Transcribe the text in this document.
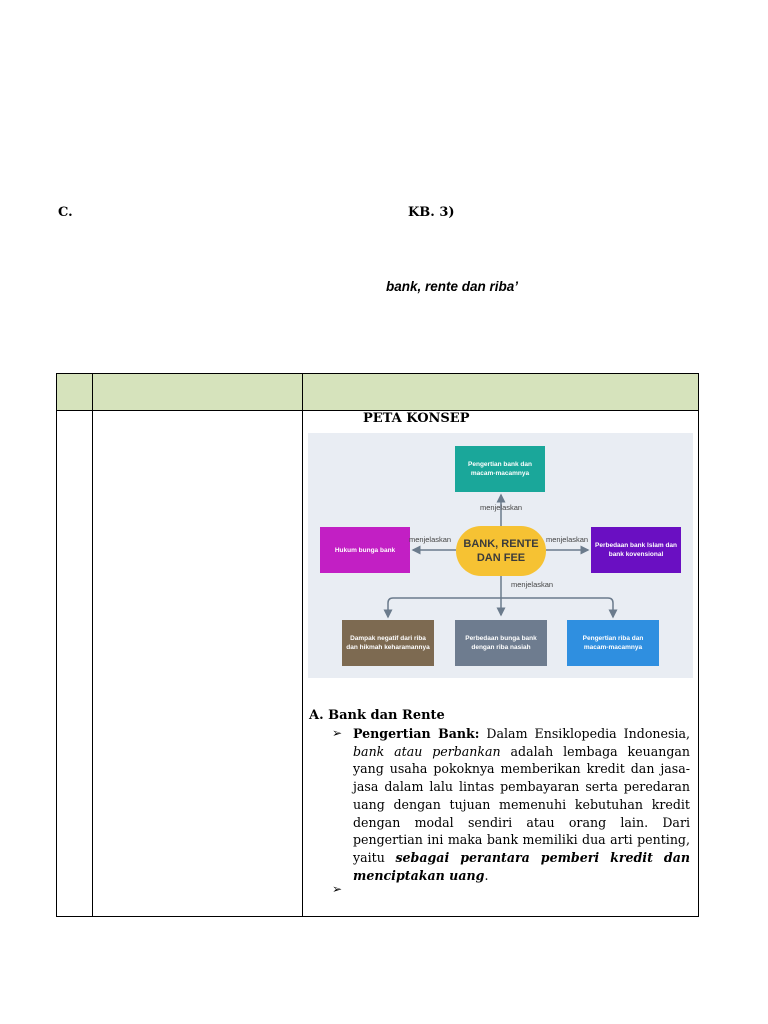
C.	KB. 3)
bank, rente dan riba’
PETA KONSEP
Pengertian bank dan macam-macamnya
Hukum bunga bank
Perbedaan bank Islam dan bank kovensional
Dampak negatif dari riba dan hikmah keharamannya
Perbedaan bunga bank dengan riba nasiah
Pengertian riba dan macam-macamnya
BANK, RENTE DAN FEE
menjelaskan
menjelaskan	menjelaskan
menjelaskan
A. Bank dan Rente
➢ Pengertian Bank: Dalam Ensiklopedia Indonesia, bank atau perbankan adalah lembaga keuangan yang usaha pokoknya memberikan kredit dan jasa-jasa dalam lalu lintas pembayaran serta peredaran uang dengan tujuan memenuhi kebutuhan kredit dengan modal sendiri atau orang lain. Dari pengertian ini maka bank memiliki dua arti penting, yaitu sebagai perantara pemberi kredit dan menciptakan uang.
➢
